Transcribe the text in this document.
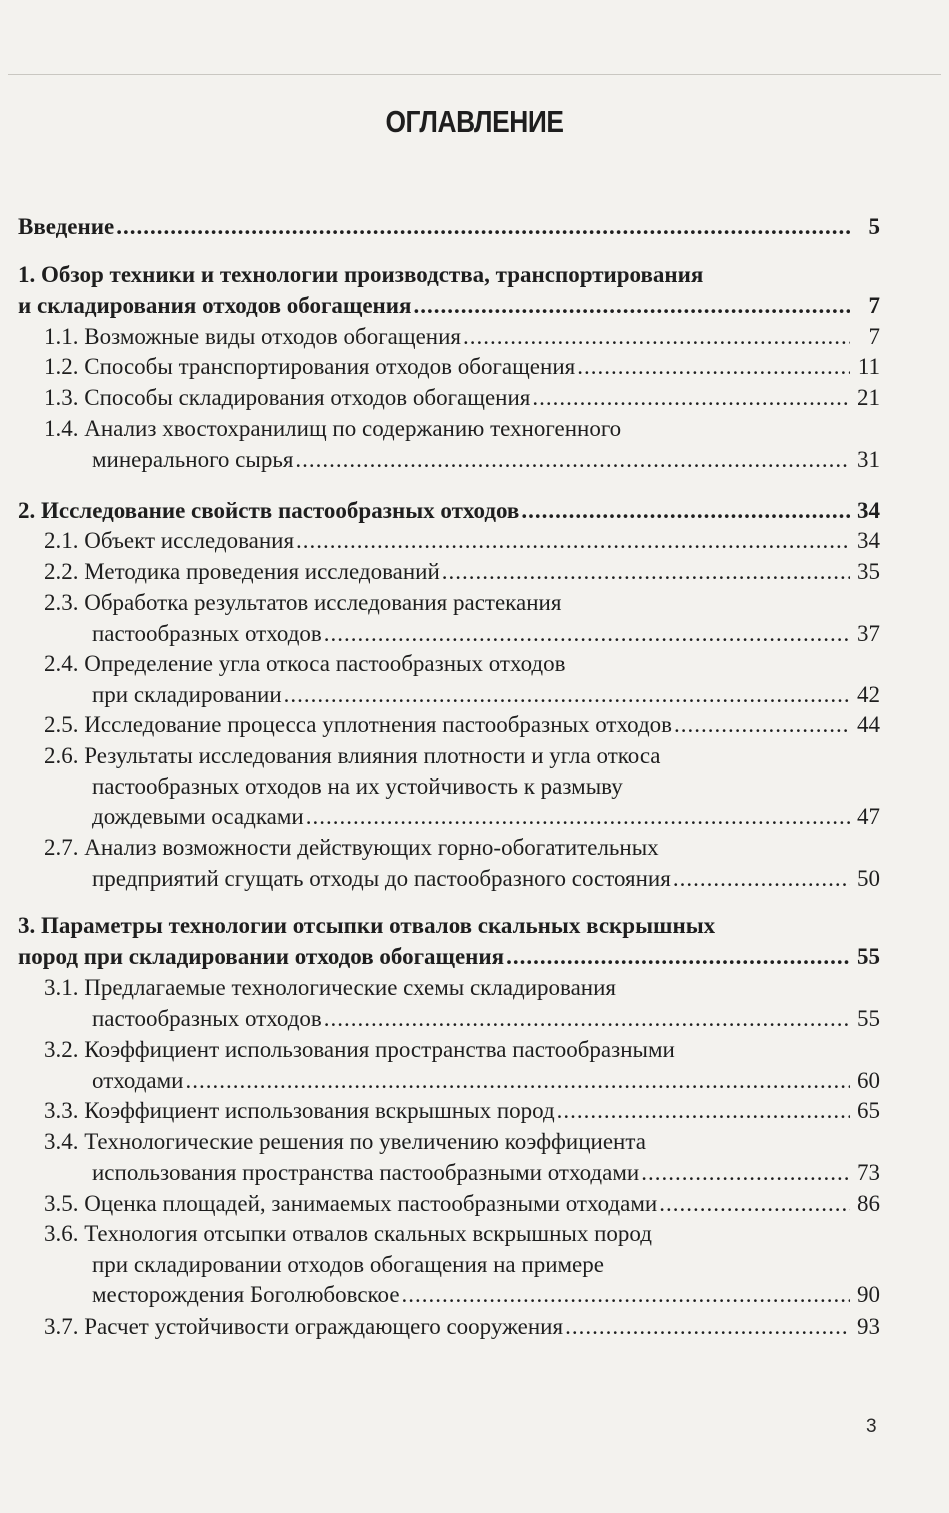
ОГЛАВЛЕНИЕ
Введение .....	5
1. Обзор техники и технологии производства, транспортирования
и складирования отходов обогащения .....	7
1.1. Возможные виды отходов обогащения .....	7
1.2. Способы транспортирования отходов обогащения .....	11
1.3. Способы складирования отходов обогащения .....	21
1.4. Анализ хвостохранилищ по содержанию техногенного
минерального сырья .....	31
2. Исследование свойств пастообразных отходов .....	34
2.1. Объект исследования .....	34
2.2. Методика проведения исследований .....	35
2.3. Обработка результатов исследования растекания
пастообразных отходов .....	37
2.4. Определение угла откоса пастообразных отходов
при складировании .....	42
2.5. Исследование процесса уплотнения пастообразных отходов .....	44
2.6. Результаты исследования влияния плотности и угла откоса
пастообразных отходов на их устойчивость к размыву
дождевыми осадками .....	47
2.7. Анализ возможности действующих горно-обогатительных
предприятий сгущать отходы до пастообразного состояния .....	50
3. Параметры технологии отсыпки отвалов скальных вскрышных
пород при складировании отходов обогащения .....	55
3.1. Предлагаемые технологические схемы складирования
пастообразных отходов .....	55
3.2. Коэффициент использования пространства пастообразными
отходами .....	60
3.3. Коэффициент использования вскрышных пород .....	65
3.4. Технологические решения по увеличению коэффициента
использования пространства пастообразными отходами .....	73
3.5. Оценка площадей, занимаемых пастообразными отходами .....	86
3.6. Технология отсыпки отвалов скальных вскрышных пород
при складировании отходов обогащения на примере
месторождения Боголюбовское .....	90
3.7. Расчет устойчивости ограждающего сооружения .....	93
3
